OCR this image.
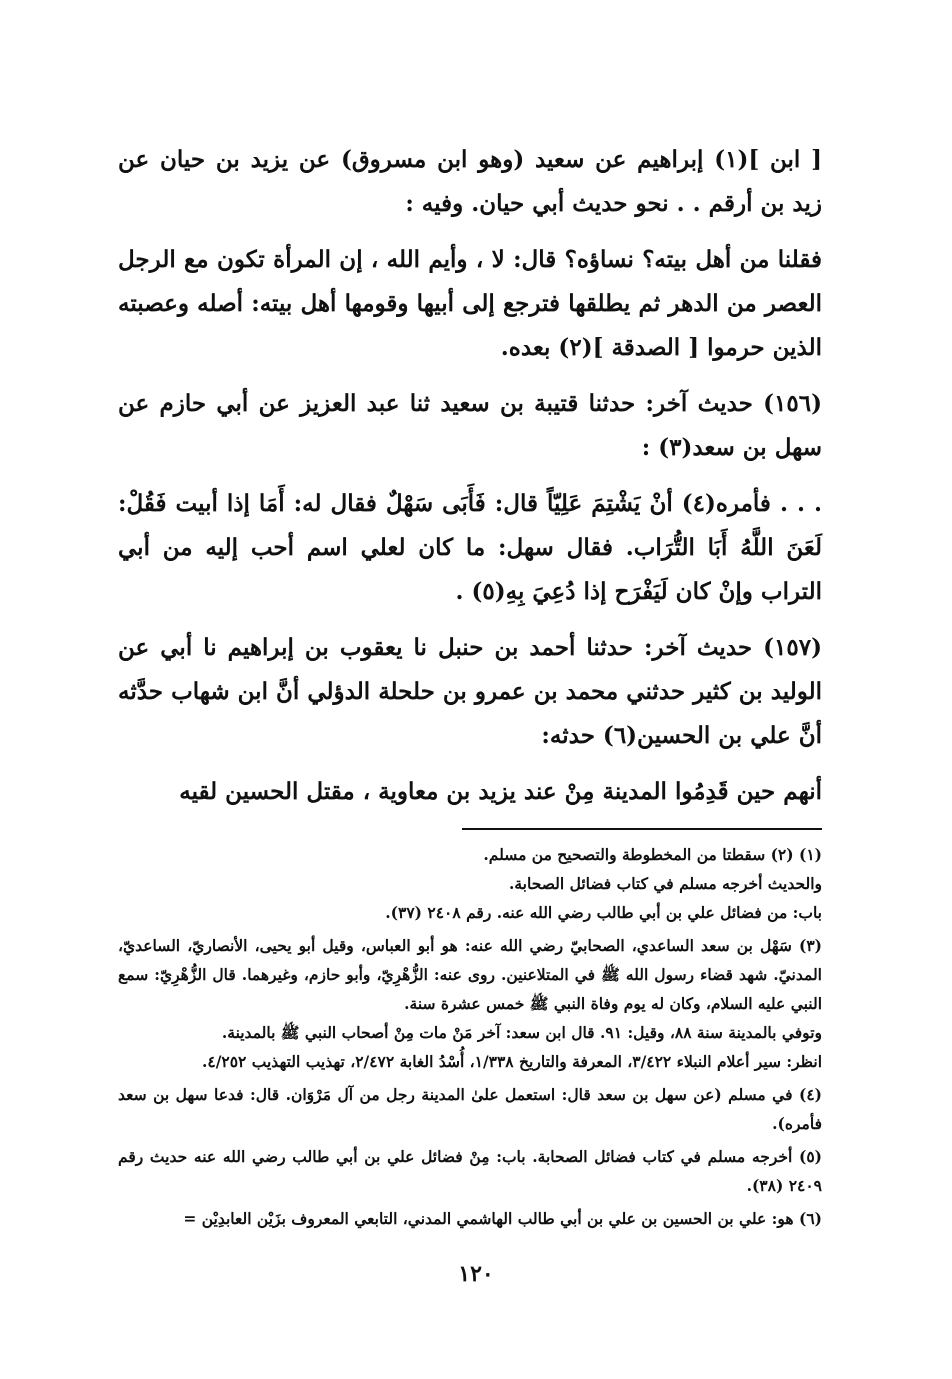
[ ابن ](١) إبراهيم عن سعيد (وهو ابن مسروق) عن يزيد بن حيان عن زيد بن أرقم . . نحو حديث أبي حيان. وفيه :

فقلنا من أهل بيته؟ نساؤه؟ قال: لا ، وأيم الله ، إن المرأة تكون مع الرجل العصر من الدهر ثم يطلقها فترجع إلى أبيها وقومها أهل بيته: أصله وعصبته الذين حرموا [ الصدقة ](٢) بعده.

(١٥٦) حديث آخر: حدثنا قتيبة بن سعيد ثنا عبد العزيز عن أبي حازم عن سهل بن سعد(٣) :

. . . فأمره(٤) أنْ يَشْتِمَ عَلِيّاً قال: فَأَبَى سَهْلٌ فقال له: أَمَا إذا أبيت فَقُلْ: لَعَنَ اللَّهُ أَبَا التُّرَاب. فقال سهل: ما كان لعلي اسم أحب إليه من أبي التراب وإنْ كان لَيَفْرَح إذا دُعِيَ بِهِ(٥) .

(١٥٧) حديث آخر: حدثنا أحمد بن حنبل نا يعقوب بن إبراهيم نا أبي عن الوليد بن كثير حدثني محمد بن عمرو بن حلحلة الدؤلي أنَّ ابن شهاب حدَّثه أنَّ علي بن الحسين(٦) حدثه:

أنهم حين قَدِمُوا المدينة مِنْ عند يزيد بن معاوية ، مقتل الحسين لقيه

(١) (٢) سقطتا من المخطوطة والتصحيح من مسلم.

والحديث أخرجه مسلم في كتاب فضائل الصحابة.

باب: من فضائل علي بن أبي طالب رضي الله عنه. رقم ٢٤٠٨ (٣٧).

(٣) سَهْل بن سعد الساعدي، الصحابيّ رضي الله عنه: هو أبو العباس، وقيل أبو يحيى، الأنصاريّ، الساعديّ، المدنيّ. شهد قضاء رسول الله ﷺ في المتلاعنين. روى عنه: الزُّهْرِيّ، وأبو حازم، وغيرهما. قال الزُّهْرِيّ: سمع النبي عليه السلام، وكان له يوم وفاة النبي ﷺ خمس عشرة سنة.

وتوفي بالمدينة سنة ٨٨، وقيل: ٩١. قال ابن سعد: آخر مَنْ مات مِنْ أصحاب النبي ﷺ بالمدينة.

انظر: سير أعلام النبلاء ٣/٤٢٢، المعرفة والتاريخ ١/٣٣٨، أُسْدُ الغابة ٢/٤٧٢، تهذيب التهذيب ٤/٢٥٢.

(٤) في مسلم (عن سهل بن سعد قال: استعمل علىٰ المدينة رجل من آل مَرْوَان. قال: فدعا سهل بن سعد فأمره).

(٥) أخرجه مسلم في كتاب فضائل الصحابة. باب: مِنْ فضائل علي بن أبي طالب رضي الله عنه حديث رقم ٢٤٠٩ (٣٨).

(٦) هو: علي بن الحسين بن علي بن أبي طالب الهاشمي المدني، التابعي المعروف بزَيْن العابدِيْن =

١٢٠
